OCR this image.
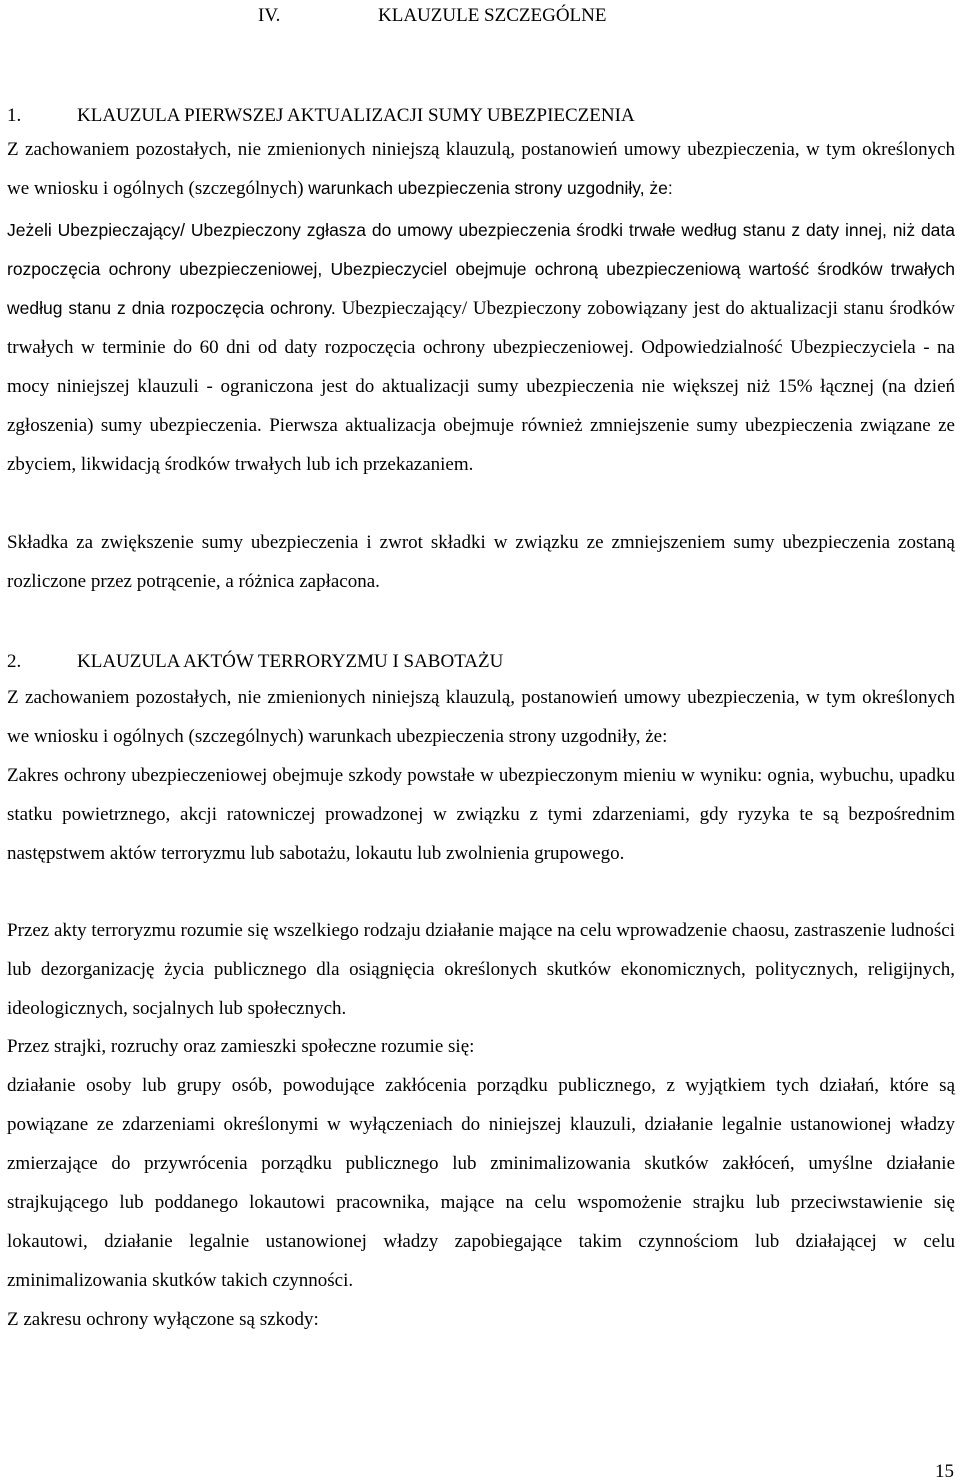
IV.	KLAUZULE SZCZEGÓLNE
1.	KLAUZULA PIERWSZEJ AKTUALIZACJI SUMY UBEZPIECZENIA
Z zachowaniem pozostałych, nie zmienionych niniejszą klauzulą, postanowień umowy ubezpieczenia, w tym określonych we wniosku i ogólnych (szczególnych) warunkach ubezpieczenia strony uzgodniły, że:
Jeżeli Ubezpieczający/ Ubezpieczony zgłasza do umowy ubezpieczenia środki trwałe według stanu z daty innej, niż data rozpoczęcia ochrony ubezpieczeniowej, Ubezpieczyciel obejmuje ochroną ubezpieczeniową wartość środków trwałych według stanu z dnia rozpoczęcia ochrony. Ubezpieczający/ Ubezpieczony zobowiązany jest do aktualizacji stanu środków trwałych w terminie do 60 dni od daty rozpoczęcia ochrony ubezpieczeniowej. Odpowiedzialność Ubezpieczyciela - na mocy niniejszej klauzuli - ograniczona jest do aktualizacji sumy ubezpieczenia nie większej niż 15% łącznej (na dzień zgłoszenia) sumy ubezpieczenia. Pierwsza aktualizacja obejmuje również zmniejszenie sumy ubezpieczenia związane ze zbyciem, likwidacją środków trwałych lub ich przekazaniem.
Składka za zwiększenie sumy ubezpieczenia i zwrot składki w związku ze zmniejszeniem sumy ubezpieczenia zostaną rozliczone przez potrącenie, a różnica zapłacona.
2.	KLAUZULA AKTÓW TERRORYZMU I SABOTAŻU
Z zachowaniem pozostałych, nie zmienionych niniejszą klauzulą, postanowień umowy ubezpieczenia, w tym określonych we wniosku i ogólnych (szczególnych) warunkach ubezpieczenia strony uzgodniły, że:
Zakres ochrony ubezpieczeniowej obejmuje szkody powstałe w ubezpieczonym mieniu w wyniku: ognia, wybuchu, upadku statku powietrznego, akcji ratowniczej prowadzonej w związku z tymi zdarzeniami, gdy ryzyka te są bezpośrednim następstwem aktów terroryzmu lub sabotażu, lokautu lub zwolnienia grupowego.
Przez akty terroryzmu rozumie się wszelkiego rodzaju działanie mające na celu wprowadzenie chaosu, zastraszenie ludności lub dezorganizację życia publicznego dla osiągnięcia określonych skutków ekonomicznych, politycznych, religijnych, ideologicznych, socjalnych lub społecznych.
Przez strajki, rozruchy oraz zamieszki społeczne rozumie się:
działanie osoby lub grupy osób, powodujące zakłócenia porządku publicznego, z wyjątkiem tych działań, które są powiązane ze zdarzeniami określonymi w wyłączeniach do niniejszej klauzuli, działanie legalnie ustanowionej władzy zmierzające do przywrócenia porządku publicznego lub zminimalizowania skutków zakłóceń, umyślne działanie strajkującego lub poddanego lokautowi pracownika, mające na celu wspomożenie strajku lub przeciwstawienie się lokautowi, działanie legalnie ustanowionej władzy zapobiegające takim czynnościom lub działającej w celu zminimalizowania skutków takich czynności.
Z zakresu ochrony wyłączone są szkody:
15
